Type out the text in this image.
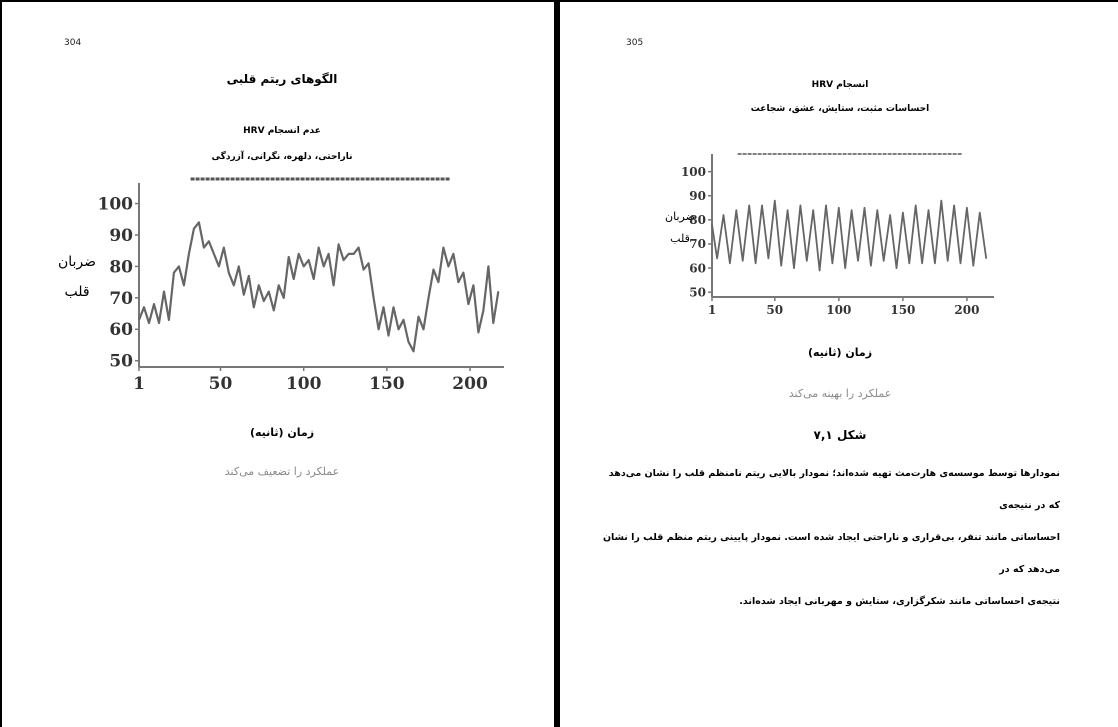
304
الگوهای ریتم قلبی
عدم انسجام HRV
ناراحتی، دلهره، نگرانی، آزردگی
ضربان
قلب
50
60
70
80
90
100
1	50	100	150	200
زمان (ثانیه)
عملکرد را تضعیف می‌کند
305
انسجام HRV
احساسات مثبت، ستایش، عشق، شجاعت
ضربان
قلب
50
60
70
80
90
100
1	50	100	150	200
زمان (ثانیه)
عملکرد را بهینه می‌کند
شکل ۷,۱
نمودارها توسط موسسه‌ی هارت‌مث تهیه شده‌اند؛ نمودار بالایی ریتم نامنظم قلب را نشان می‌دهد که در نتیجه‌ی
احساساتی مانند تنفر، بی‌قراری و ناراحتی ایجاد شده است. نمودار پایینی ریتم منظم قلب را نشان می‌دهد که در
نتیجه‌ی احساساتی مانند شکرگزاری، ستایش و مهربانی ایجاد شده‌اند.
